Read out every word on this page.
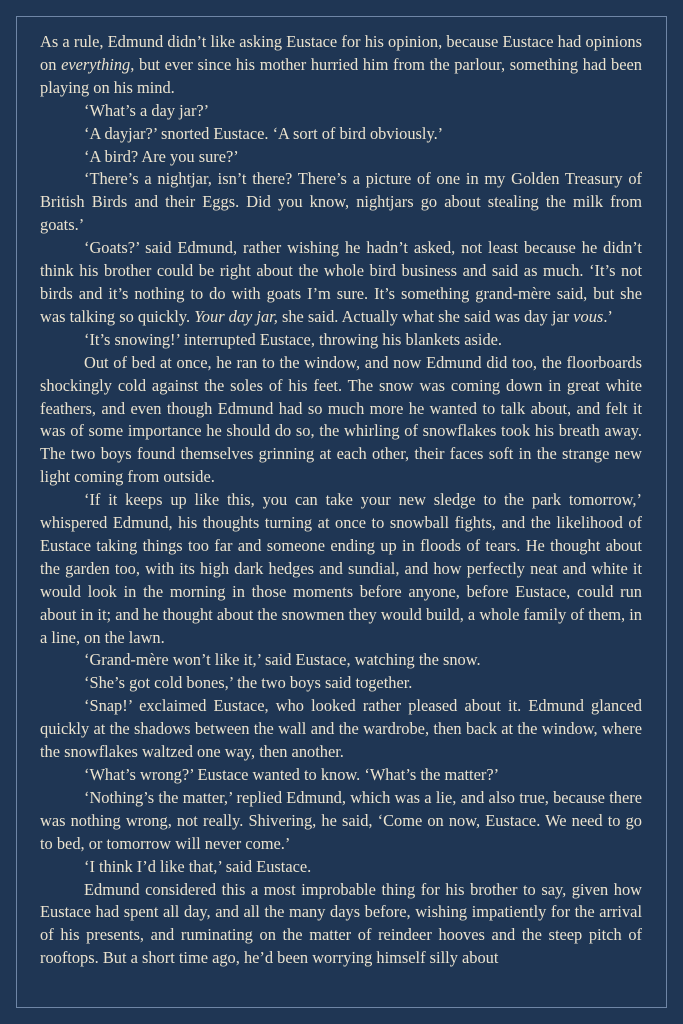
As a rule, Edmund didn’t like asking Eustace for his opinion, because Eustace had opinions on everything, but ever since his mother hurried him from the parlour, something had been playing on his mind.

‘What’s a day jar?’

‘A dayjar?’ snorted Eustace. ‘A sort of bird obviously.’

‘A bird? Are you sure?’

‘There’s a nightjar, isn’t there? There’s a picture of one in my Golden Treasury of British Birds and their Eggs. Did you know, nightjars go about stealing the milk from goats.’

‘Goats?’ said Edmund, rather wishing he hadn’t asked, not least because he didn’t think his brother could be right about the whole bird business and said as much. ‘It’s not birds and it’s nothing to do with goats I’m sure. It’s something grand-mère said, but she was talking so quickly. Your day jar, she said. Actually what she said was day jar vous.’

‘It’s snowing!’ interrupted Eustace, throwing his blankets aside.

Out of bed at once, he ran to the window, and now Edmund did too, the floorboards shockingly cold against the soles of his feet. The snow was coming down in great white feathers, and even though Edmund had so much more he wanted to talk about, and felt it was of some importance he should do so, the whirling of snowflakes took his breath away. The two boys found themselves grinning at each other, their faces soft in the strange new light coming from outside.

‘If it keeps up like this, you can take your new sledge to the park tomorrow,’ whispered Edmund, his thoughts turning at once to snowball fights, and the likelihood of Eustace taking things too far and someone ending up in floods of tears. He thought about the garden too, with its high dark hedges and sundial, and how perfectly neat and white it would look in the morning in those moments before anyone, before Eustace, could run about in it; and he thought about the snowmen they would build, a whole family of them, in a line, on the lawn.

‘Grand-mère won’t like it,’ said Eustace, watching the snow.

‘She’s got cold bones,’ the two boys said together.

‘Snap!’ exclaimed Eustace, who looked rather pleased about it. Edmund glanced quickly at the shadows between the wall and the wardrobe, then back at the window, where the snowflakes waltzed one way, then another.

‘What’s wrong?’ Eustace wanted to know. ‘What’s the matter?’

‘Nothing’s the matter,’ replied Edmund, which was a lie, and also true, because there was nothing wrong, not really. Shivering, he said, ‘Come on now, Eustace. We need to go to bed, or tomorrow will never come.’

‘I think I’d like that,’ said Eustace.

Edmund considered this a most improbable thing for his brother to say, given how Eustace had spent all day, and all the many days before, wishing impatiently for the arrival of his presents, and ruminating on the matter of reindeer hooves and the steep pitch of rooftops. But a short time ago, he’d been worrying himself silly about
